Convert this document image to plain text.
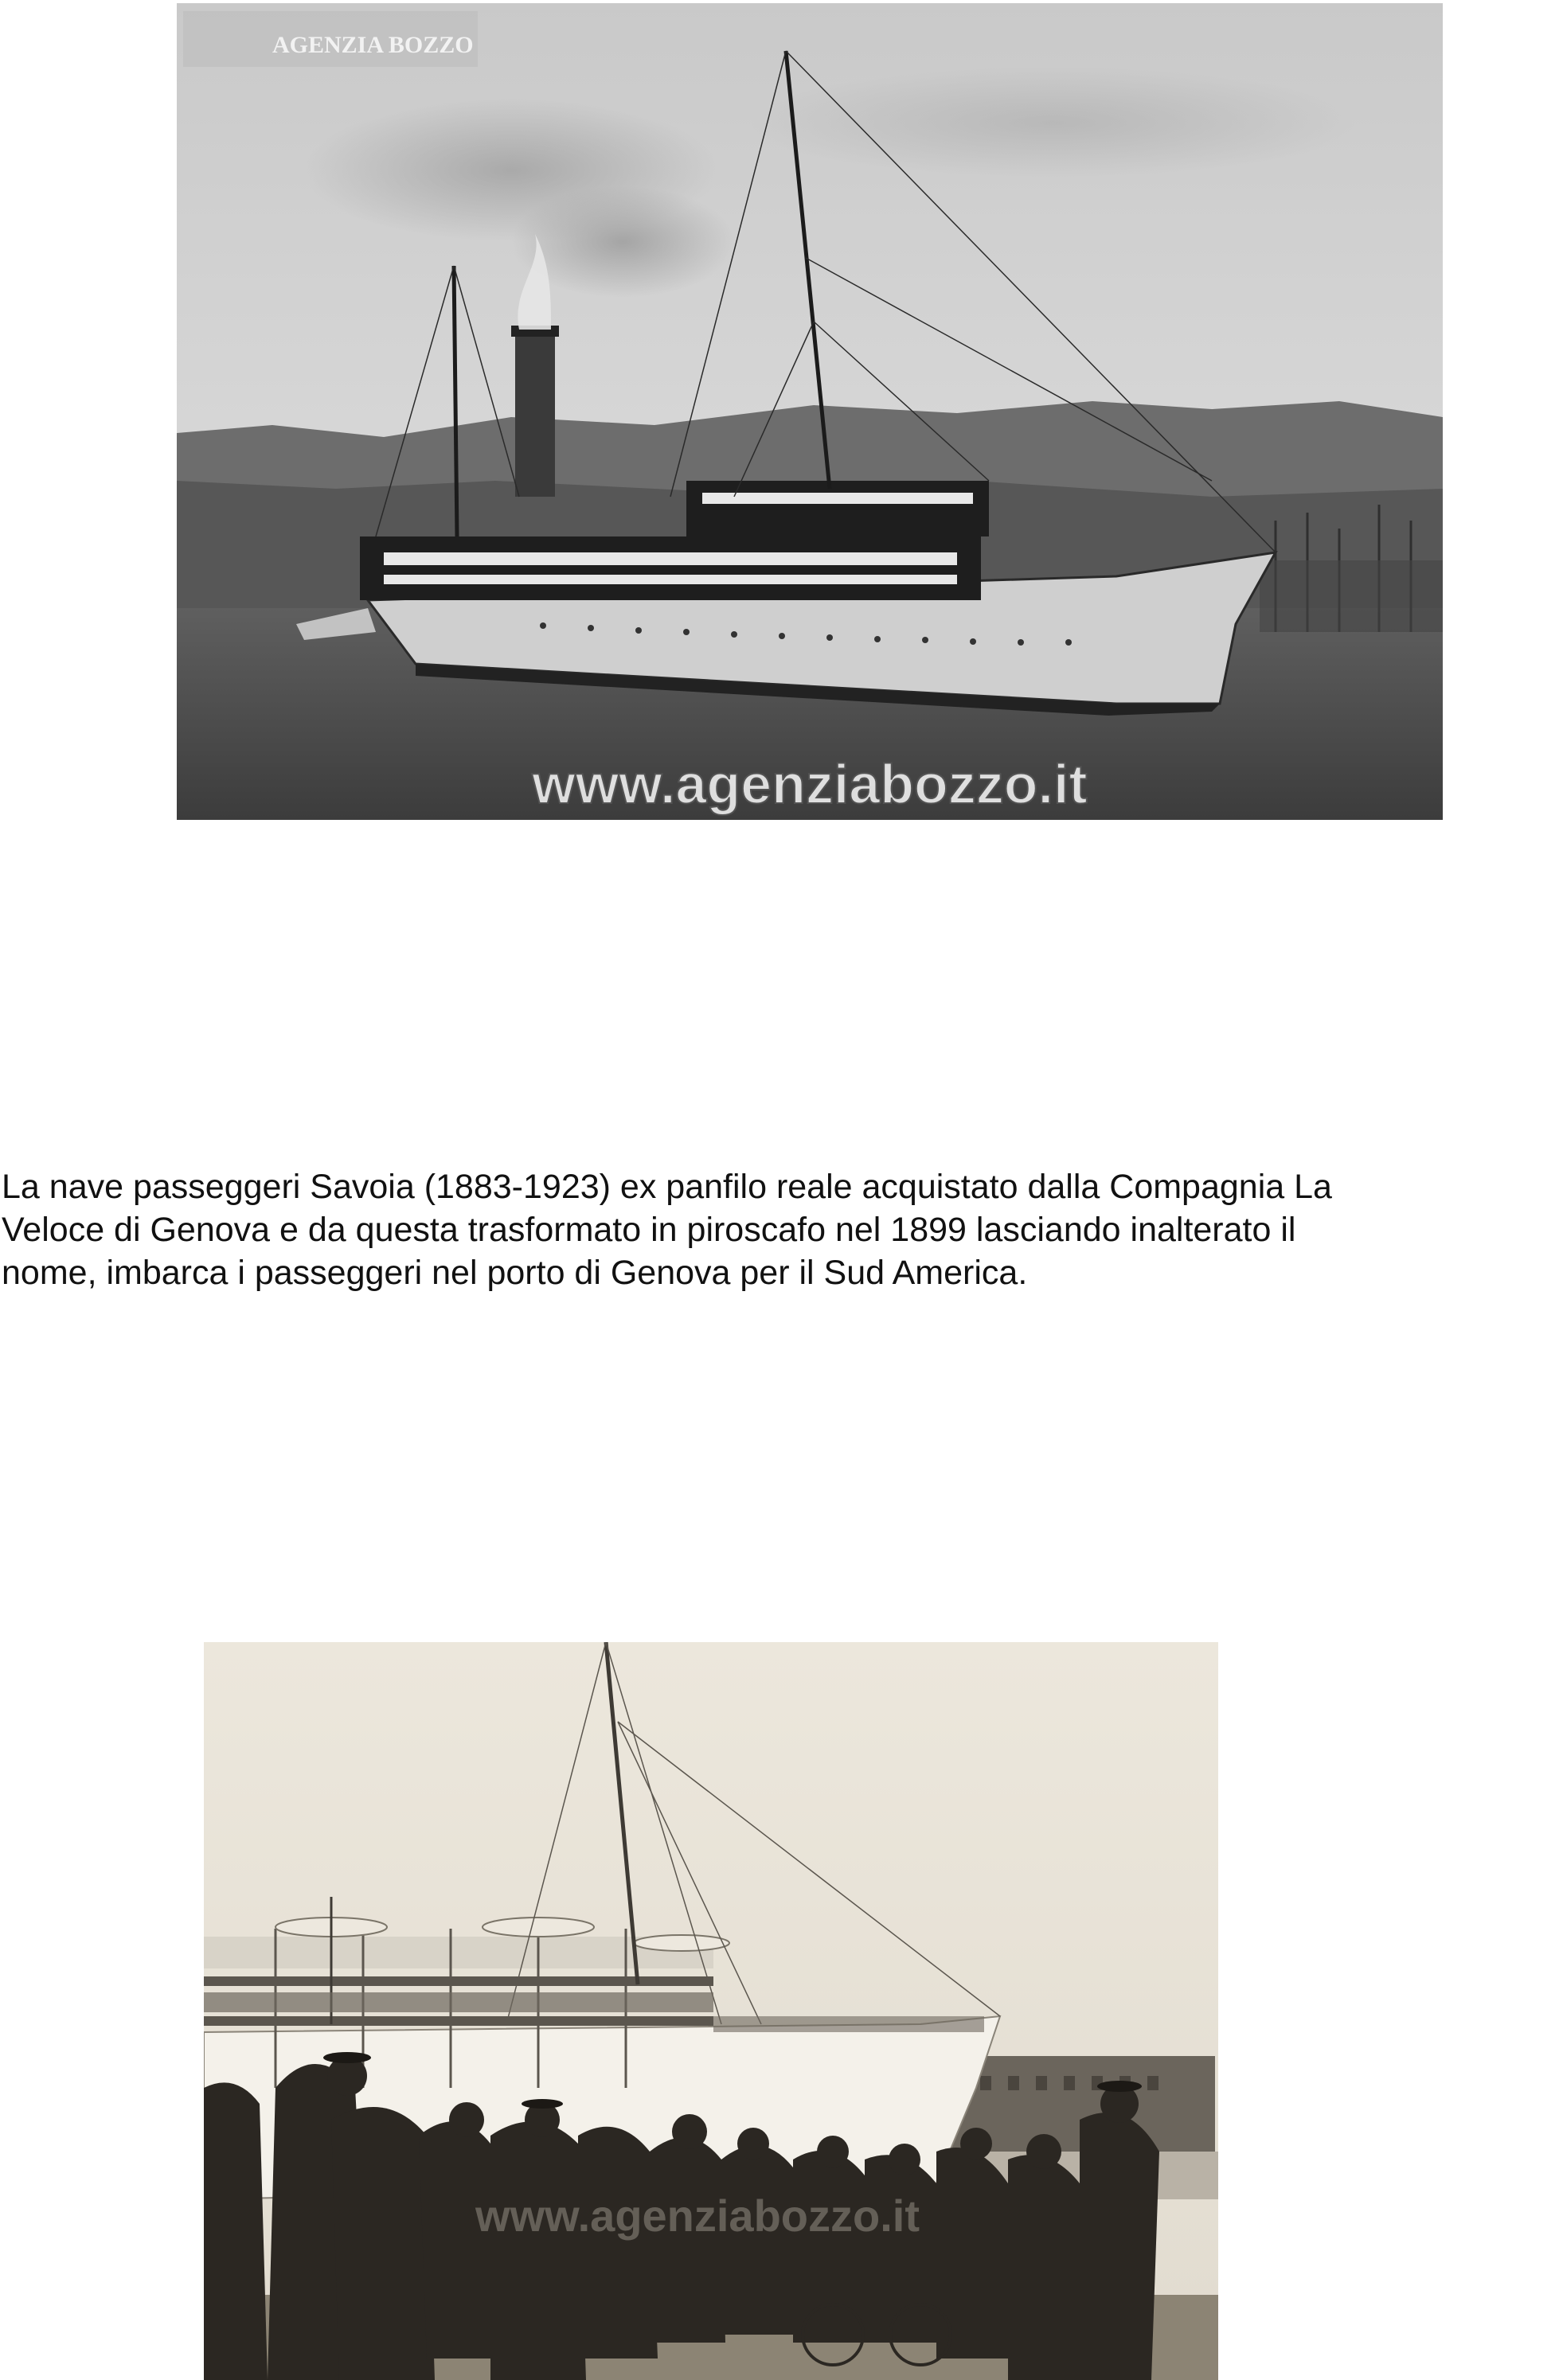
AGENZIA BOZZO
www.agenziabozzo.it
La nave passeggeri Savoia (1883-1923) ex panfilo reale acquistato dalla Compagnia La
Veloce di Genova e da questa trasformato in piroscafo nel 1899 lasciando inalterato il
nome, imbarca i passeggeri nel porto di Genova per il Sud America.
www.agenziabozzo.it
